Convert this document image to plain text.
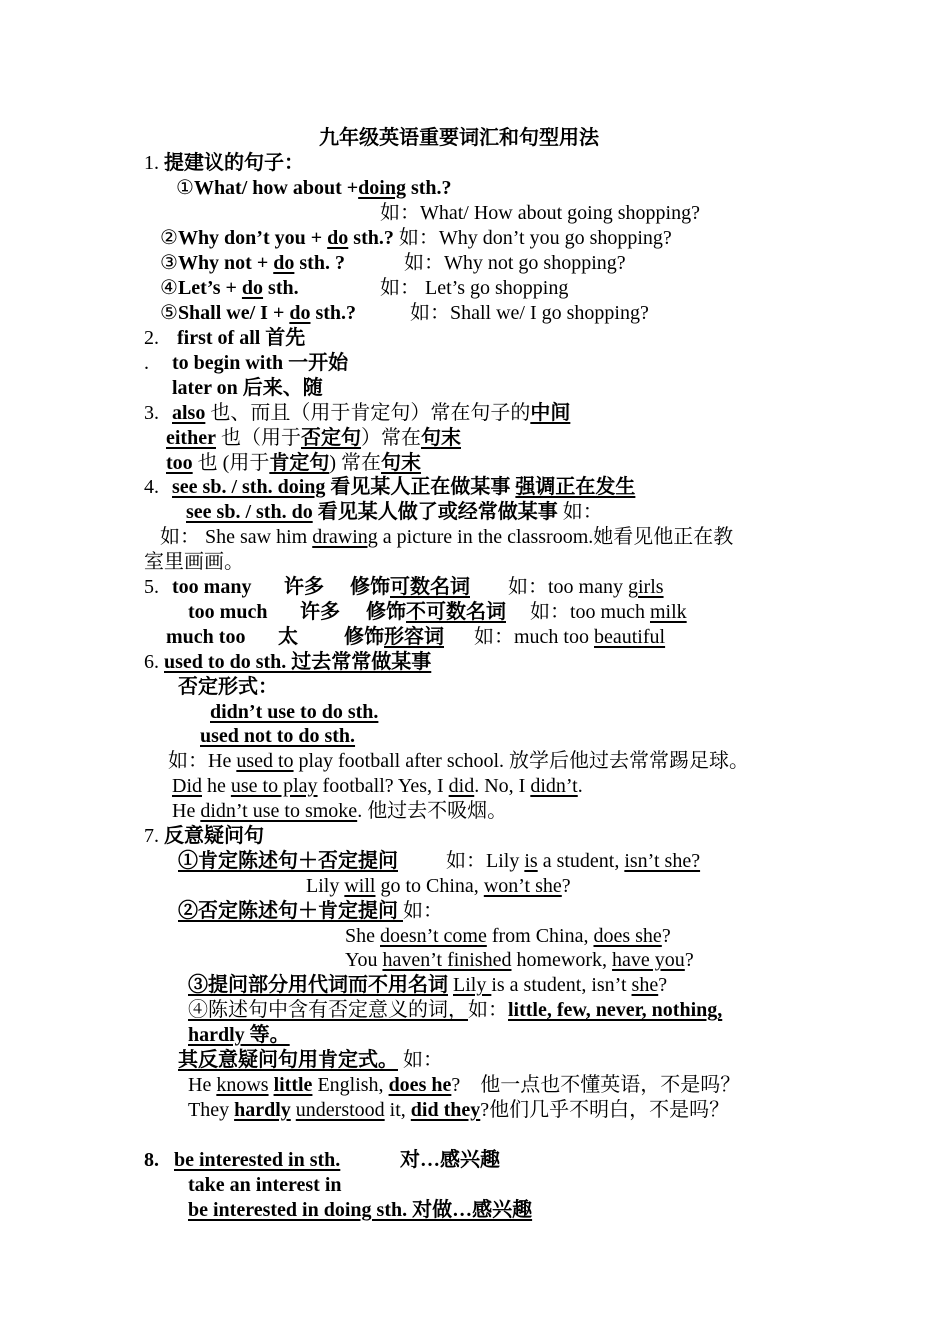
九年级英语重要词汇和句型用法
1. 提建议的句子：
①What/ how about +doing sth.?
如：What/ How about going shopping?
②Why don’t you + do sth.? 如：Why don’t you go shopping?
③Why not + do sth. ?	如：Why not go shopping?
④Let’s + do sth.	如： Let’s go shopping
⑤Shall we/ I + do sth.?	如：Shall we/ I go shopping?
2. first of all 首先
. to begin with 一开始
later on 后来、随
3. also 也、而且（用于肯定句）常在句子的中间
either 也（用于否定句）常在句末
too 也 (用于肯定句) 常在句末
4. see sb. / sth. doing 看见某人正在做某事 强调正在发生
see sb. / sth. do 看见某人做了或经常做某事 如：
如： She saw him drawing a picture in the classroom.她看见他正在教
室里画画。
5. too many 许多 修饰可数名词 如：too many girls
too much 许多 修饰不可数名词 如：too much milk
much too 太 修饰形容词 如：much too beautiful
6. used to do sth. 过去常常做某事
否定形式：
didn’t use to do sth.
used not to do sth.
如：He used to play football after school. 放学后他过去常常踢足球。
Did he use to play football? Yes, I did. No, I didn’t.
He didn’t use to smoke. 他过去不吸烟。
7. 反意疑问句
①肯定陈述句＋否定提问 如：Lily is a student, isn’t she?
Lily will go to China, won’t she?
②否定陈述句＋肯定提问 如：
She doesn’t come from China, does she?
You haven’t finished homework, have you?
③提问部分用代词而不用名词 Lily is a student, isn’t she?
④陈述句中含有否定意义的词，如：little, few, never, nothing,
hardly 等。
其反意疑问句用肯定式。 如：
He knows little English, does he?　他一点也不懂英语，不是吗？
They hardly understood it, did they?他们几乎不明白，不是吗？
8. be interested in sth.	对…感兴趣
take an interest in
be interested in doing sth. 对做…感兴趣
